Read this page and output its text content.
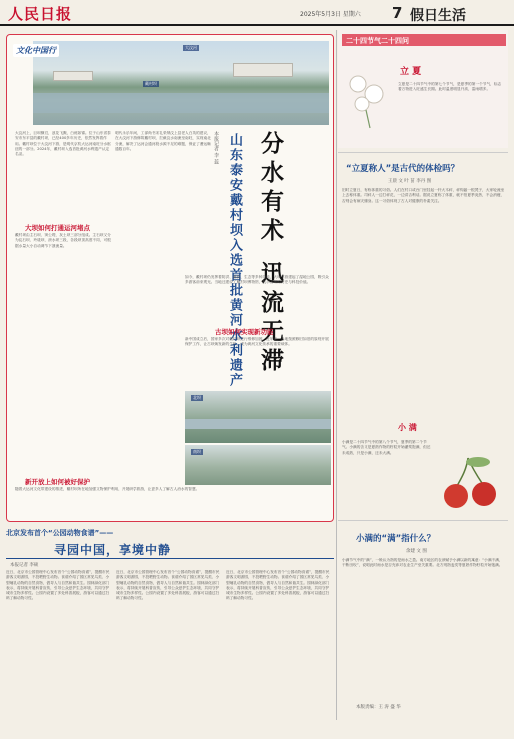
人民日报	2025年5月3日 星期六 7 假日生活
大汶河
戴村坝
文化中国行
分水有术 迅流无滞
山东泰安戴村坝入选首批黄河水利遗产
本报记者 李 蕊
大汶河上，巨坝横亘，浪花飞溅，白练如锦。位于山东省泰安市东平县的戴村坝，已经400多年历史，依然发挥着作用。戴村坝位于大汶河下游，是明代京杭大运河南旺分水枢纽的一部分。2024年，戴村坝入选首批黄河水利遗产认定名录。
大坝如何打通运河堵点
戴村坝由主石坝、窦公堤、灰土坝三部分组成。主石坝又分为乱石坝、玲珑坝、滚水坝三段，各段坝顶高度不同，可根据水量大小自动调节下泄流量。
明代永乐年间，工部尚书宋礼采纳汶上县老人白英的建议，在大汶河下游修筑戴村坝，拦截汶水南流至南旺，实现南北分流，解决了运河会通河段水源不足的难题，保证了漕运畅通数百年。
如今，戴村坝仍发挥着防洪、灌溉、生态等多种功能，大坝下游建起了湿地公园，吸引众多游客前来观光。当地还建设了戴村坝博物馆，展示古坝的历史与科技价值。
古坝如何实现新功能
新中国成立后，国家多次对戴村坝进行维修加固。近年来，当地按照修旧如旧的原则开展保护工作，让古坝焕发新的生机，成为黄河文化传承的重要载体。
北坝
南坝
新开放上如何被好保护
随着大运河文化带建设的推进，戴村坝所在地加强文物保护利用，开展研学旅游，让更多人了解古人治水的智慧。
二十四节气二十四问
立 夏
立夏是二十四节气中的第七个节气，是夏季的第一个节气，标志着万物进入旺盛生长期。此时温度明显升高，雷雨增多。
“立夏称人”是古代的体检吗？
王晨 文 叶 苗 李丹 图
旧时立夏日，有称体重的习俗。人们在村口或台门里挂起一杆大木秤，秤钩悬一根凳子，大家轮流坐上去称体重。司秤人一边打秤花，一边讲吉利话。据说立夏称了体重，就不怕夏季炎热，不会消瘦，否则会有病灾缠身。这一习俗体现了古人对健康的朴素关注。
小 满
小满是二十四节气中的第八个节气，夏季的第二个节气。小满的含义是夏熟作物的籽粒开始灌浆饱满，但还未成熟，只是小满，还未大满。
小满的“满”指什么？
余建 文 图
小满节气中的“满”，一般认为指的是雨水之盈。南方地区的农谚赋予小满以新的寓意：“小满不满，干断田坎”，说明此时雨水是否充沛对农业生产至关重要。北方则指麦类等夏熟作物籽粒开始饱满。
北京发布首个“公园动物食谱”——
寻园中国，享境中静
本报记者 李硕
近日，北京市公园管理中心发布首个“公园动物食谱”，提醒市民游客文明游园，不投喂野生动物。食谱介绍了园区常见鸟类、小型哺乳动物的自然食物，倡导人与自然和谐共生。园林绿化部门表示，将持续开展科普宣传，引导公众爱护生态环境，共同守护城市生物多样性。公园内设置了多处科普展板，游客可以通过扫码了解动物习性。
近日，北京市公园管理中心发布首个“公园动物食谱”，提醒市民游客文明游园，不投喂野生动物。食谱介绍了园区常见鸟类、小型哺乳动物的自然食物，倡导人与自然和谐共生。园林绿化部门表示，将持续开展科普宣传，引导公众爱护生态环境，共同守护城市生物多样性。公园内设置了多处科普展板，游客可以通过扫码了解动物习性。
近日，北京市公园管理中心发布首个“公园动物食谱”，提醒市民游客文明游园，不投喂野生动物。食谱介绍了园区常见鸟类、小型哺乳动物的自然食物，倡导人与自然和谐共生。园林绿化部门表示，将持续开展科普宣传，引导公众爱护生态环境，共同守护城市生物多样性。公园内设置了多处科普展板，游客可以通过扫码了解动物习性。
本版责编：王 涛 盛 华
